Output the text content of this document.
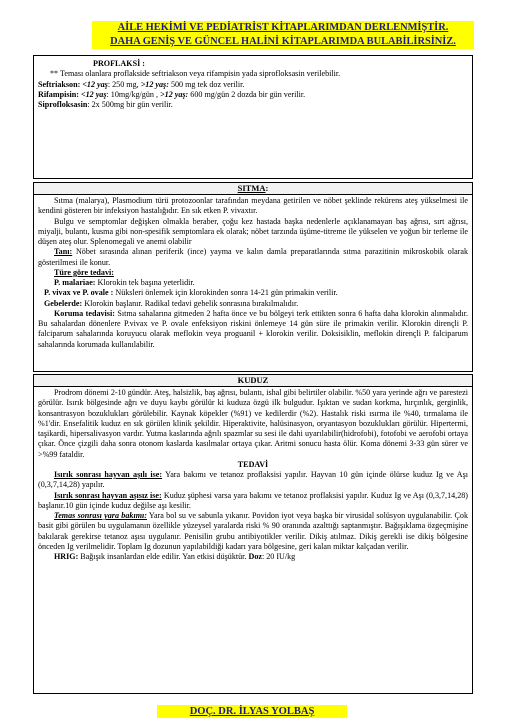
AİLE HEKİMİ VE PEDİATRİST KİTAPLARIMDAN DERLENMİŞTİR.
DAHA GENİŞ VE GÜNCEL HALİNİ KİTAPLARIMDA BULABİLİRSİNİZ.
PROFLAKSİ :

** Teması olanlara proflakside seftriakson veya rifampisin yada siprofloksasin verilebilir.

Seftriakson: <12 yaş: 250 mg, >12 yaş: 500 mg tek doz verilir.

Rifampisin: <12 yaş: 10mg/kg/gün , >12 yaş: 600 mg/gün 2 dozda bir gün verilir.

Siprofloksasin: 2x 500mg bir gün verilir.

SITMA:

Sıtma (malarya), Plasmodium türü protozoonlar tarafından meydana getirilen ve nöbet şeklinde rekürens ateş yükselmesi ile kendini gösteren bir infeksiyon hastalığıdır. En sık etken P. vivaxtır.

Bulgu ve semptomlar değişken olmakla beraber, çoğu kez hastada başka nedenlerle açıklanamayan baş ağrısı, sırt ağrısı, miyalji, bulantı, kusma gibi non-spesifik semptomlara ek olarak; nöbet tarzında üşüme-titreme ile yükselen ve yoğun bir terleme ile düşen ateş olur. Splenomegali ve anemi olabilir

Tanı: Nöbet sırasında alınan periferik (ince) yayma ve kalın damla preparatlarında sıtma parazitinin mikroskobik olarak gösterilmesi ile konur.

Türe göre tedavi:

P. malariae: Klorokin tek başına yeterlidir.

P. vivax ve P. ovale : Nüksleri önlemek için klorokinden sonra 14-21 gün primakin verilir.

Gebelerde: Klorokin başlanır. Radikal tedavi gebelik sonrasına bırakılmalıdır.

Koruma tedavisi: Sıtma sahalarına gitmeden 2 hafta önce ve bu bölgeyi terk ettikten sonra 6 hafta daha klorokin alınmalıdır. Bu sahalardan dönenlere P.vivax ve P. ovale enfeksiyon riskini önlemeye 14 gün süre ile primakin verilir. Klorokin dirençli P. falciparum sahalarında koruyucu olarak meflokin veya proguanil + klorokin verilir. Doksisiklin, meflokin dirençli P. falciparum sahalarında korumada kullanılabilir.

KUDUZ

Prodrom dönemi 2-10 gündür. Ateş, halsizlik, baş ağrısı, bulantı, ishal gibi belirtiler olabilir. %50 yara yerinde ağrı ve parestezi görülür. Isırık bölgesinde ağrı ve duyu kaybı görülür ki kuduza özgü ilk bulgudur. Işıktan ve sudan korkma, hırçınlık, gerginlik, konsantrasyon bozuklukları görülebilir. Kaynak köpekler (%91) ve kedilerdir (%2). Hastalık riski ısırma ile %40, tırmalama ile %1'dir. Ensefalitik kuduz en sık görülen klinik şekildir. Hiperaktivite, halüsinasyon, oryantasyon bozuklukları görülür. Hipertermi, taşikardi, hipersalivasyon vardır. Yutma kaslarında ağrılı spazmlar su sesi ile dahi uyarılabilir(hidrofobi), fotofobi ve aerofobi ortaya çıkar. Önce çizgili daha sonra otonom kaslarda kasılmalar ortaya çıkar. Aritmi sonucu hasta ölür. Koma dönemi 3-33 gün sürer ve >%99 fataldir.

TEDAVİ

Isırık sonrası hayvan aşılı ise: Yara bakımı ve tetanoz proflaksisi yapılır. Hayvan 10 gün içinde ölürse kuduz Ig ve Aşı (0,3,7,14,28) yapılır.

Isırık sonrası hayvan aşısız ise: Kuduz şüphesi varsa yara bakımı ve tetanoz proflaksisi yapılır. Kuduz Ig ve Aşı (0,3,7,14,28) başlanır.10 gün içinde kuduz değilse aşı kesilir.

Temas sonrası yara bakımı: Yara bol su ve sabunla yıkanır. Povidon iyot veya başka bir virusidal solüsyon uygulanabilir. Çok basit gibi görülen bu uygulamanın özellikle yüzeysel yaralarda riski % 90 oranında azalttığı saptanmıştır. Bağışıklama özgeçmişine bakılarak gerekirse tetanoz aşısı uygulanır. Penisilin grubu antibiyotikler verilir. Dikiş atılmaz. Dikiş gerekli ise dikiş bölgesine önceden Ig verilmelidir. Toplam Ig dozunun yapılabildiği kadarı yara bölgesine, geri kalan miktar kalçadan verilir.

HRIG: Bağışık insanlardan elde edilir. Yan etkisi düşüktür. Doz: 20 IU/kg

DOÇ. DR. İLYAS YOLBAŞ
